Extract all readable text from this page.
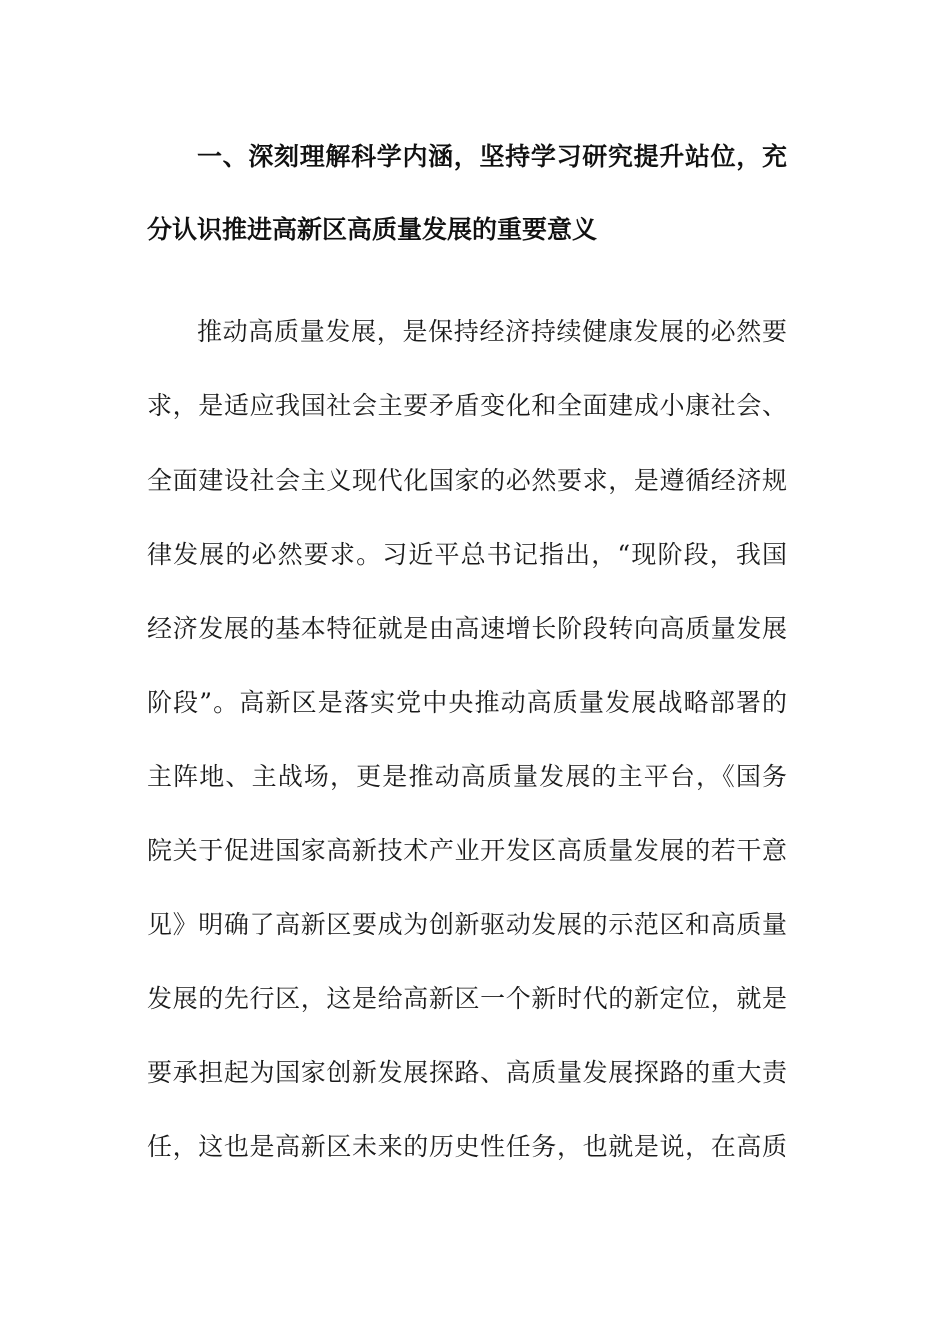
一、深刻理解科学内涵，坚持学习研究提升站位，充
分认识推进高新区高质量发展的重要意义
推动高质量发展，是保持经济持续健康发展的必然要
求，是适应我国社会主要矛盾变化和全面建成小康社会、
全面建设社会主义现代化国家的必然要求，是遵循经济规
律发展的必然要求。习近平总书记指出，“现阶段，我国
经济发展的基本特征就是由高速增长阶段转向高质量发展
阶段”。高新区是落实党中央推动高质量发展战略部署的
主阵地、主战场，更是推动高质量发展的主平台，《国务
院关于促进国家高新技术产业开发区高质量发展的若干意
见》明确了高新区要成为创新驱动发展的示范区和高质量
发展的先行区，这是给高新区一个新时代的新定位，就是
要承担起为国家创新发展探路、高质量发展探路的重大责
任，这也是高新区未来的历史性任务，也就是说，在高质
